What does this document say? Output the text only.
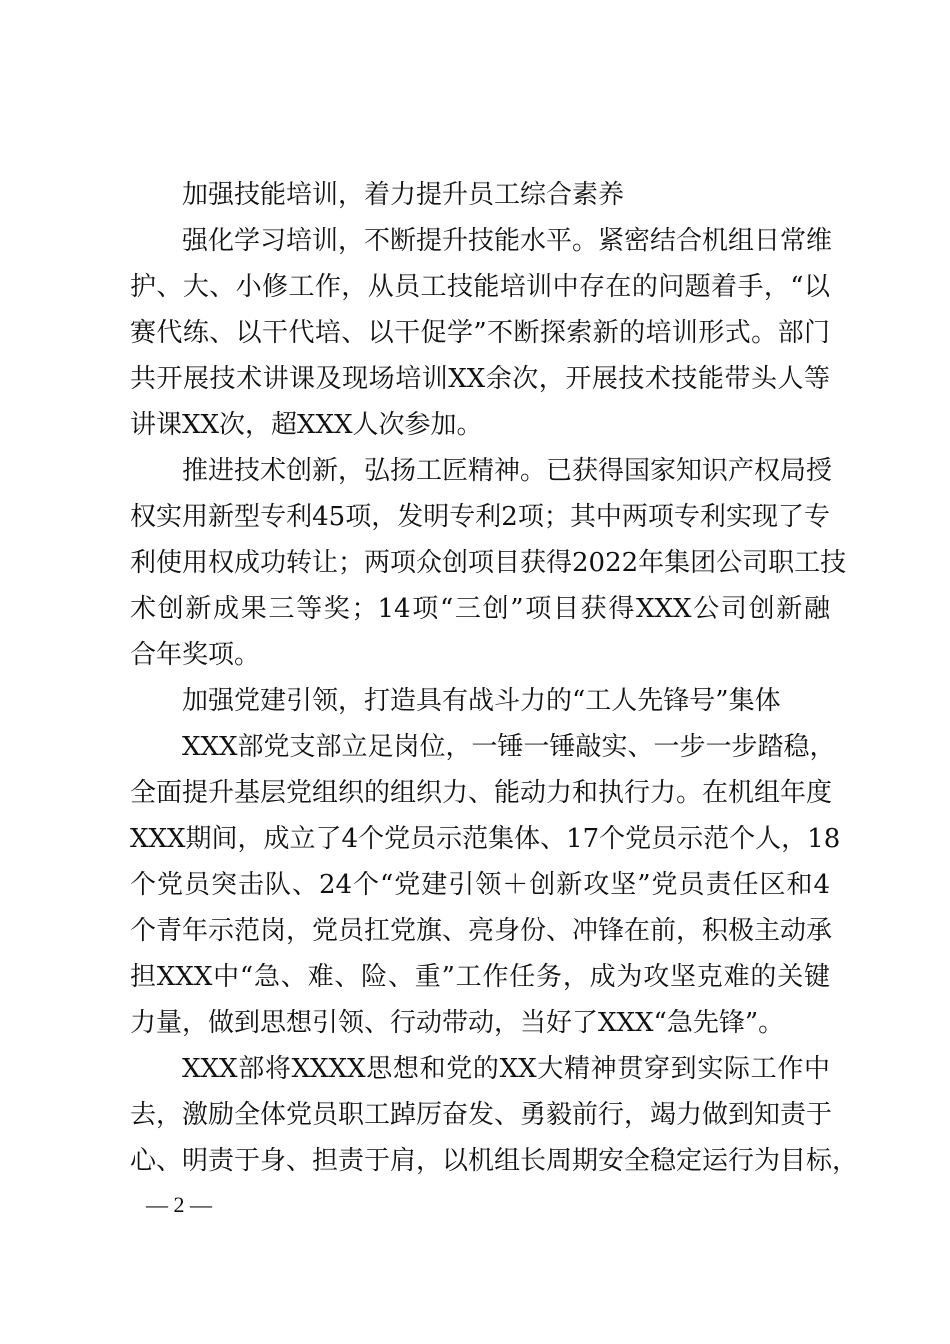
加强技能培训，着力提升员工综合素养
强化学习培训，不断提升技能水平。紧密结合机组日常维
护、大、小修工作，从员工技能培训中存在的问题着手，“以
赛代练、以干代培、以干促学”不断探索新的培训形式。部门
共开展技术讲课及现场培训XX余次，开展技术技能带头人等
讲课XX次，超XXX人次参加。
推进技术创新，弘扬工匠精神。已获得国家知识产权局授
权实用新型专利45项，发明专利2项；其中两项专利实现了专
利使用权成功转让；两项众创项目获得2022年集团公司职工技
术创新成果三等奖；14项“三创”项目获得XXX公司创新融
合年奖项。
加强党建引领，打造具有战斗力的“工人先锋号”集体
XXX部党支部立足岗位，一锤一锤敲实、一步一步踏稳，
全面提升基层党组织的组织力、能动力和执行力。在机组年度
XXX期间，成立了4个党员示范集体、17个党员示范个人，18
个党员突击队、24个“党建引领＋创新攻坚”党员责任区和4
个青年示范岗，党员扛党旗、亮身份、冲锋在前，积极主动承
担XXX中“急、难、险、重”工作任务，成为攻坚克难的关键
力量，做到思想引领、行动带动，当好了XXX“急先锋”。
XXX部将XXXX思想和党的XX大精神贯穿到实际工作中
去，激励全体党员职工踔厉奋发、勇毅前行，竭力做到知责于
心、明责于身、担责于肩，以机组长周期安全稳定运行为目标，
— 2 —
